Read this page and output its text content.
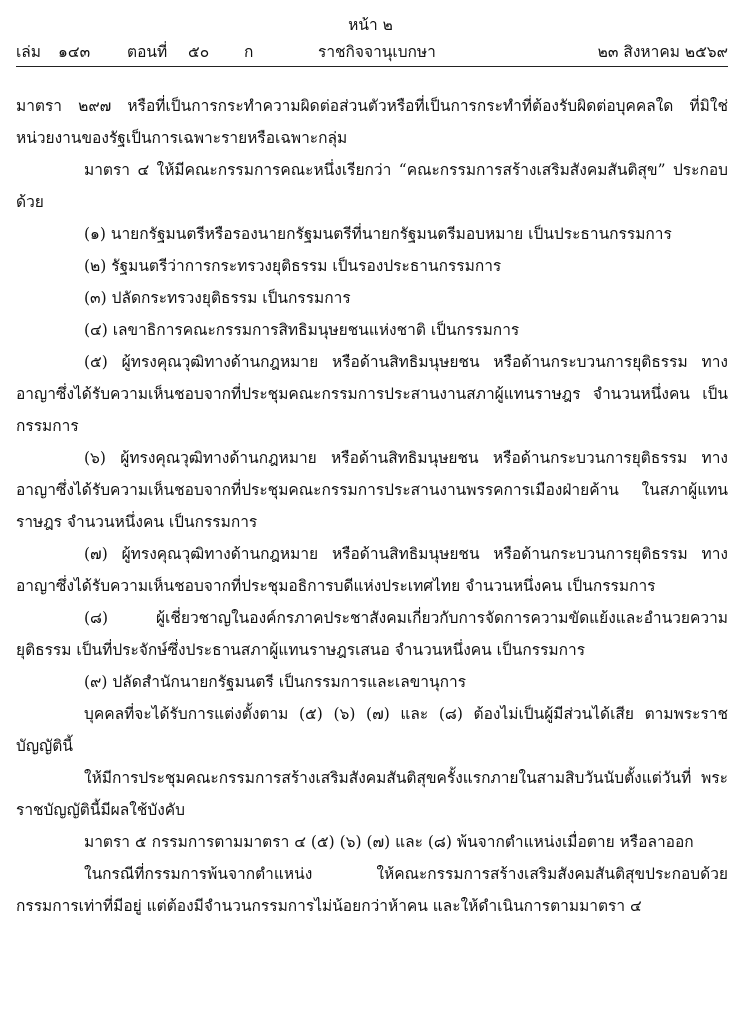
หน้า ๒
เล่ม ๑๔๓ ตอนที่ ๕๐ ก	ราชกิจจานุเบกษา	๒๓ สิงหาคม ๒๕๖๙

มาตรา ๒๙๗ หรือที่เป็นการกระทำความผิดต่อส่วนตัวหรือที่เป็นการกระทำที่ต้องรับผิดต่อบุคคลใด ที่มิใช่หน่วยงานของรัฐเป็นการเฉพาะรายหรือเฉพาะกลุ่ม

มาตรา ๔ ให้มีคณะกรรมการคณะหนึ่งเรียกว่า “คณะกรรมการสร้างเสริมสังคมสันติสุข” ประกอบด้วย

(๑) นายกรัฐมนตรีหรือรองนายกรัฐมนตรีที่นายกรัฐมนตรีมอบหมาย เป็นประธานกรรมการ

(๒) รัฐมนตรีว่าการกระทรวงยุติธรรม เป็นรองประธานกรรมการ

(๓) ปลัดกระทรวงยุติธรรม เป็นกรรมการ

(๔) เลขาธิการคณะกรรมการสิทธิมนุษยชนแห่งชาติ เป็นกรรมการ

(๕) ผู้ทรงคุณวุฒิทางด้านกฎหมาย หรือด้านสิทธิมนุษยชน หรือด้านกระบวนการยุติธรรม ทางอาญาซึ่งได้รับความเห็นชอบจากที่ประชุมคณะกรรมการประสานงานสภาผู้แทนราษฎร จำนวนหนึ่งคน เป็นกรรมการ

(๖) ผู้ทรงคุณวุฒิทางด้านกฎหมาย หรือด้านสิทธิมนุษยชน หรือด้านกระบวนการยุติธรรม ทางอาญาซึ่งได้รับความเห็นชอบจากที่ประชุมคณะกรรมการประสานงานพรรคการเมืองฝ่ายค้าน ในสภาผู้แทนราษฎร จำนวนหนึ่งคน เป็นกรรมการ

(๗) ผู้ทรงคุณวุฒิทางด้านกฎหมาย หรือด้านสิทธิมนุษยชน หรือด้านกระบวนการยุติธรรม ทางอาญาซึ่งได้รับความเห็นชอบจากที่ประชุมอธิการบดีแห่งประเทศไทย จำนวนหนึ่งคน เป็นกรรมการ

(๘) ผู้เชี่ยวชาญในองค์กรภาคประชาสังคมเกี่ยวกับการจัดการความขัดแย้งและอำนวยความยุติธรรม เป็นที่ประจักษ์ซึ่งประธานสภาผู้แทนราษฎรเสนอ จำนวนหนึ่งคน เป็นกรรมการ

(๙) ปลัดสำนักนายกรัฐมนตรี เป็นกรรมการและเลขานุการ

บุคคลที่จะได้รับการแต่งตั้งตาม (๕) (๖) (๗) และ (๘) ต้องไม่เป็นผู้มีส่วนได้เสีย ตามพระราชบัญญัตินี้

ให้มีการประชุมคณะกรรมการสร้างเสริมสังคมสันติสุขครั้งแรกภายในสามสิบวันนับตั้งแต่วันที่ พระราชบัญญัตินี้มีผลใช้บังคับ

มาตรา ๕ กรรมการตามมาตรา ๔ (๕) (๖) (๗) และ (๘) พ้นจากตำแหน่งเมื่อตาย หรือลาออก

ในกรณีที่กรรมการพ้นจากตำแหน่ง ให้คณะกรรมการสร้างเสริมสังคมสันติสุขประกอบด้วย กรรมการเท่าที่มีอยู่ แต่ต้องมีจำนวนกรรมการไม่น้อยกว่าห้าคน และให้ดำเนินการตามมาตรา ๔
